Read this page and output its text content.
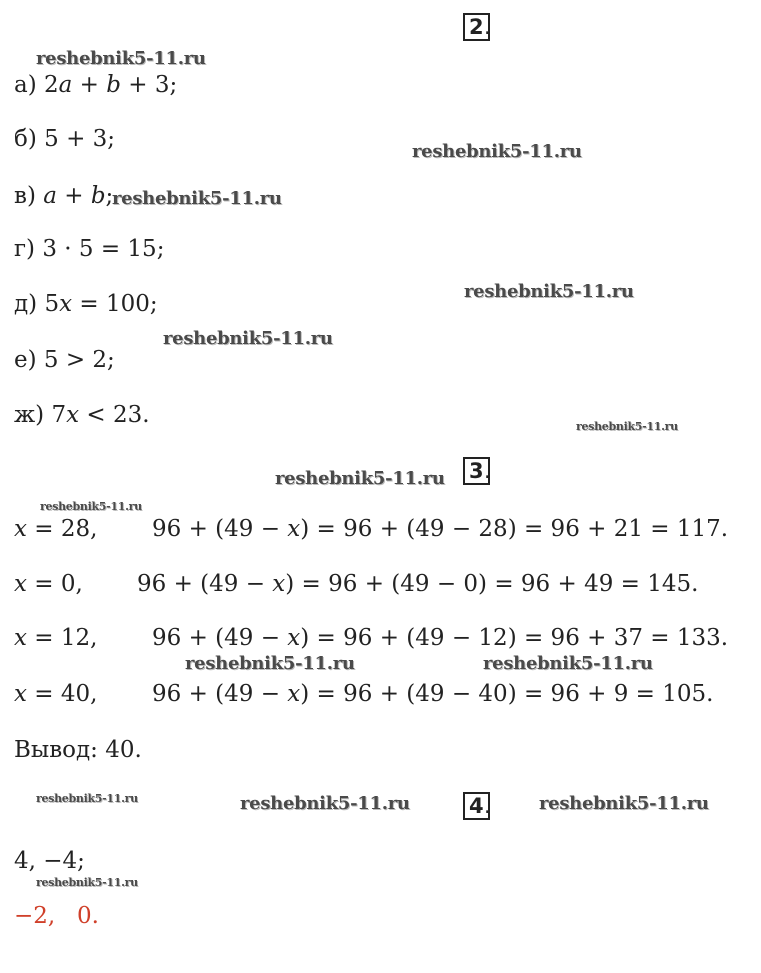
2 .
а) 2𝑎 + 𝑏 + 3;
б) 5 + 3;
в) 𝑎 + 𝑏;
г) 3 · 5 = 15;
д) 5𝑥 = 100;
е) 5 > 2;
ж) 7𝑥 < 23.
3 .
𝑥 = 28, 96 + (49 − 𝑥) = 96 + (49 − 28) = 96 + 21 = 117.
𝑥 = 0, 96 + (49 − 𝑥) = 96 + (49 − 0) = 96 + 49 = 145.
𝑥 = 12, 96 + (49 − 𝑥) = 96 + (49 − 12) = 96 + 37 = 133.
𝑥 = 40, 96 + (49 − 𝑥) = 96 + (49 − 40) = 96 + 9 = 105.
Вывод: 40.
4 .
4, −4;
−2, 0.
reshebnik5-11.ru
reshebnik5-11.ru
reshebnik5-11.ru
reshebnik5-11.ru
reshebnik5-11.ru
reshebnik5-11.ru
reshebnik5-11.ru
reshebnik5-11.ru
reshebnik5-11.ru	reshebnik5-11.ru
reshebnik5-11.ru	reshebnik5-11.ru	reshebnik5-11.ru
reshebnik5-11.ru
